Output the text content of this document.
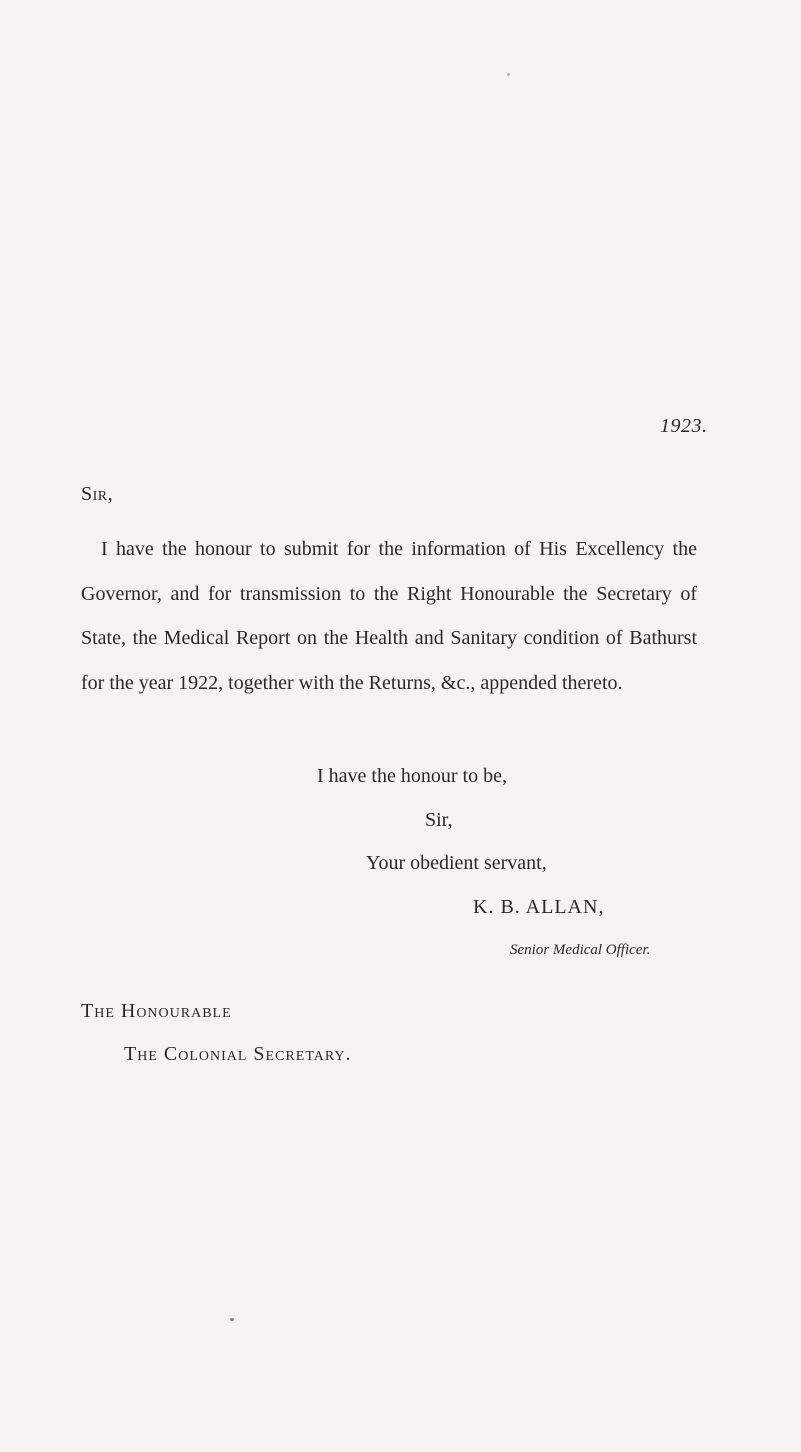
1923.
Sir,

I have the honour to submit for the information of His Excellency the Governor, and for transmission to the Right Honourable the Secretary of State, the Medical Report on the Health and Sanitary condition of Bathurst for the year 1922, together with the Returns, &c., appended thereto.

I have the honour to be,
Sir,
Your obedient servant,
K. B. ALLAN,
Senior Medical Officer.
The Honourable
The Colonial Secretary.
